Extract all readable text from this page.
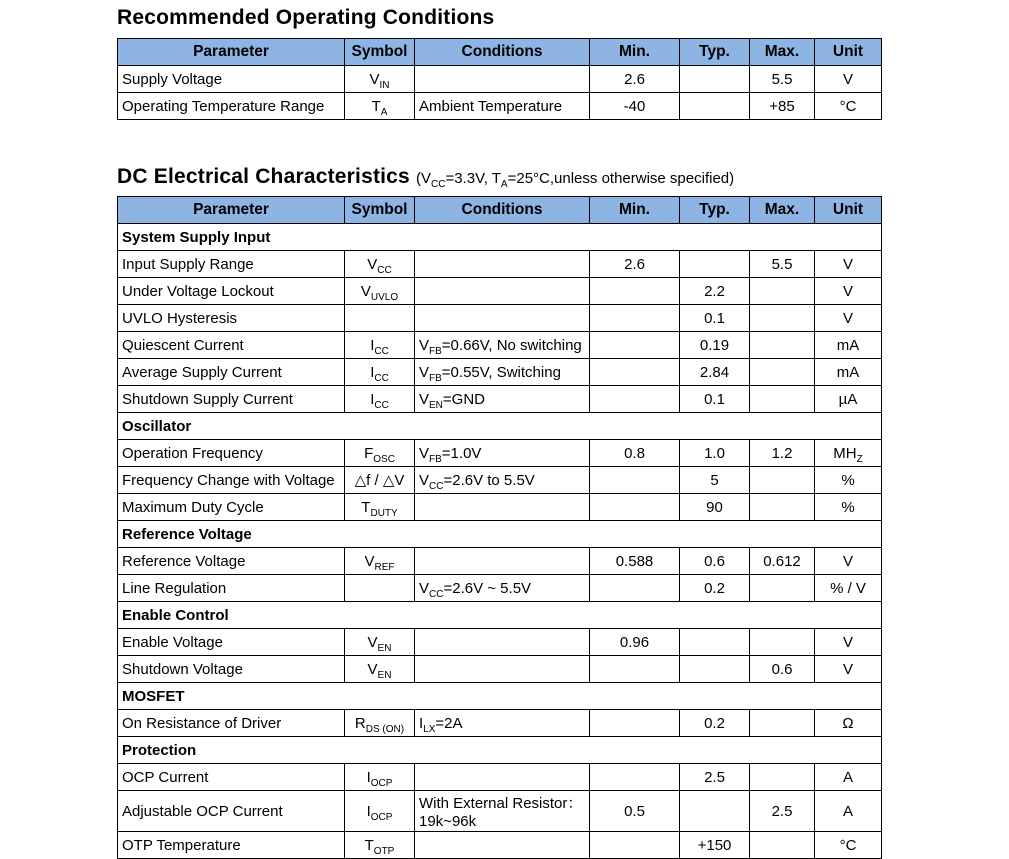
Recommended Operating Conditions
Parameter	Symbol	Conditions	Min.	Typ.	Max.	Unit
Supply Voltage	$V_{IN}$		2.6		5.5	V
Operating Temperature Range	$T_A$	Ambient Temperature	-40		+85	°C
DC Electrical Characteristics ($V_{CC}=3.3V$, $T_A=25^\circ C,unless$ otherwise specified)
Parameter	Symbol	Conditions	Min.	Typ.	Max.	Unit
System Supply Input						
Input Supply Range	$V_{CC}$		2.6		5.5	V
Under Voltage Lockout	$V_{UVLO}$			2.2		V
UVLO Hysteresis				0.1		V
Quiescent Current	$I_{CC}$	$V_{FB}=0.66V$, No switching		0.19		mA
Average Supply Current	$I_{CC}$	$V_{FB}=0.55V$, Switching		2.84		mA
Shutdown Supply Current	$I_{CC}$	$V_{EN}=GND$		0.1		µA
Oscillator						
Operation Frequency	$F_{OSC}$	$V_{FB}=1.0V$	0.8	1.0	1.2	$MH_Z$
Frequency Change with Voltage	△f / △V	$V_{CC}=2.6V$ to 5.5V		5		%
Maximum Duty Cycle	$T_{DUTY}$			90		%
Reference Voltage						
Reference Voltage	$V_{REF}$		0.588	0.6	0.612	V
Line Regulation		$V_{CC}=2.6V$ ~ 5.5V		0.2		% / V
Enable Control						
Enable Voltage	$V_{EN}$		0.96			V
Shutdown Voltage	$V_{EN}$				0.6	V
MOSFET						
On Resistance of Driver	$R_{DS (ON)}$	$I_{LX}=2A$		0.2		Ω
Protection						
OCP Current	$I_{OCP}$			2.5		A
Adjustable OCP Current	$I_{OCP}$	With External Resistor：19k~96k	0.5		2.5	A
OTP Temperature	$T_{OTP}$			+150		°C
